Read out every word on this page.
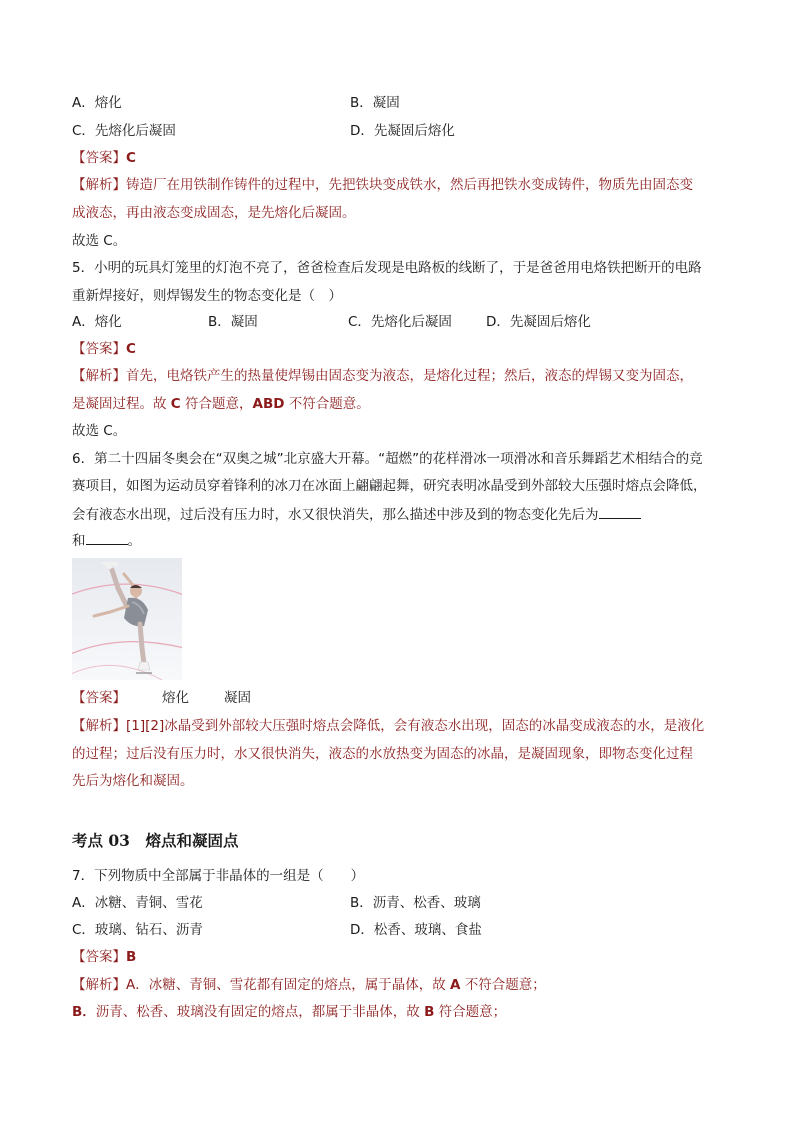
A．熔化	B．凝固
C．先熔化后凝固	D．先凝固后熔化
【答案】C
【解析】铸造厂在用铁制作铸件的过程中，先把铁块变成铁水，然后再把铁水变成铸件，物质先由固态变
成液态，再由液态变成固态，是先熔化后凝固。
故选 C。
5．小明的玩具灯笼里的灯泡不亮了，爸爸检查后发现是电路板的线断了，于是爸爸用电烙铁把断开的电路
重新焊接好，则焊锡发生的物态变化是（　）
A．熔化	B．凝固	C．先熔化后凝固	D．先凝固后熔化
【答案】C
【解析】首先，电烙铁产生的热量使焊锡由固态变为液态，是熔化过程；然后，液态的焊锡又变为固态，
是凝固过程。故 C 符合题意，ABD 不符合题意。
故选 C。
6．第二十四届冬奥会在“双奥之城”北京盛大开幕。“超燃”的花样滑冰一项滑冰和音乐舞蹈艺术相结合的竞
赛项目，如图为运动员穿着锋利的冰刀在冰面上翩翩起舞，研究表明冰晶受到外部较大压强时熔点会降低，
会有液态水出现，过后没有压力时，水又很快消失，那么描述中涉及到的物态变化先后为
和	。
【答案】	熔化	凝固
【解析】[1][2]冰晶受到外部较大压强时熔点会降低，会有液态水出现，固态的冰晶变成液态的水，是液化
的过程；过后没有压力时，水又很快消失，液态的水放热变为固态的冰晶，是凝固现象，即物态变化过程
先后为熔化和凝固。
考点 03　熔点和凝固点
7．下列物质中全部属于非晶体的一组是（　　）
A．冰糖、青铜、雪花	B．沥青、松香、玻璃
C．玻璃、钻石、沥青	D．松香、玻璃、食盐
【答案】B
【解析】A．冰糖、青铜、雪花都有固定的熔点，属于晶体，故 A 不符合题意；
B．沥青、松香、玻璃没有固定的熔点，都属于非晶体，故 B 符合题意；
